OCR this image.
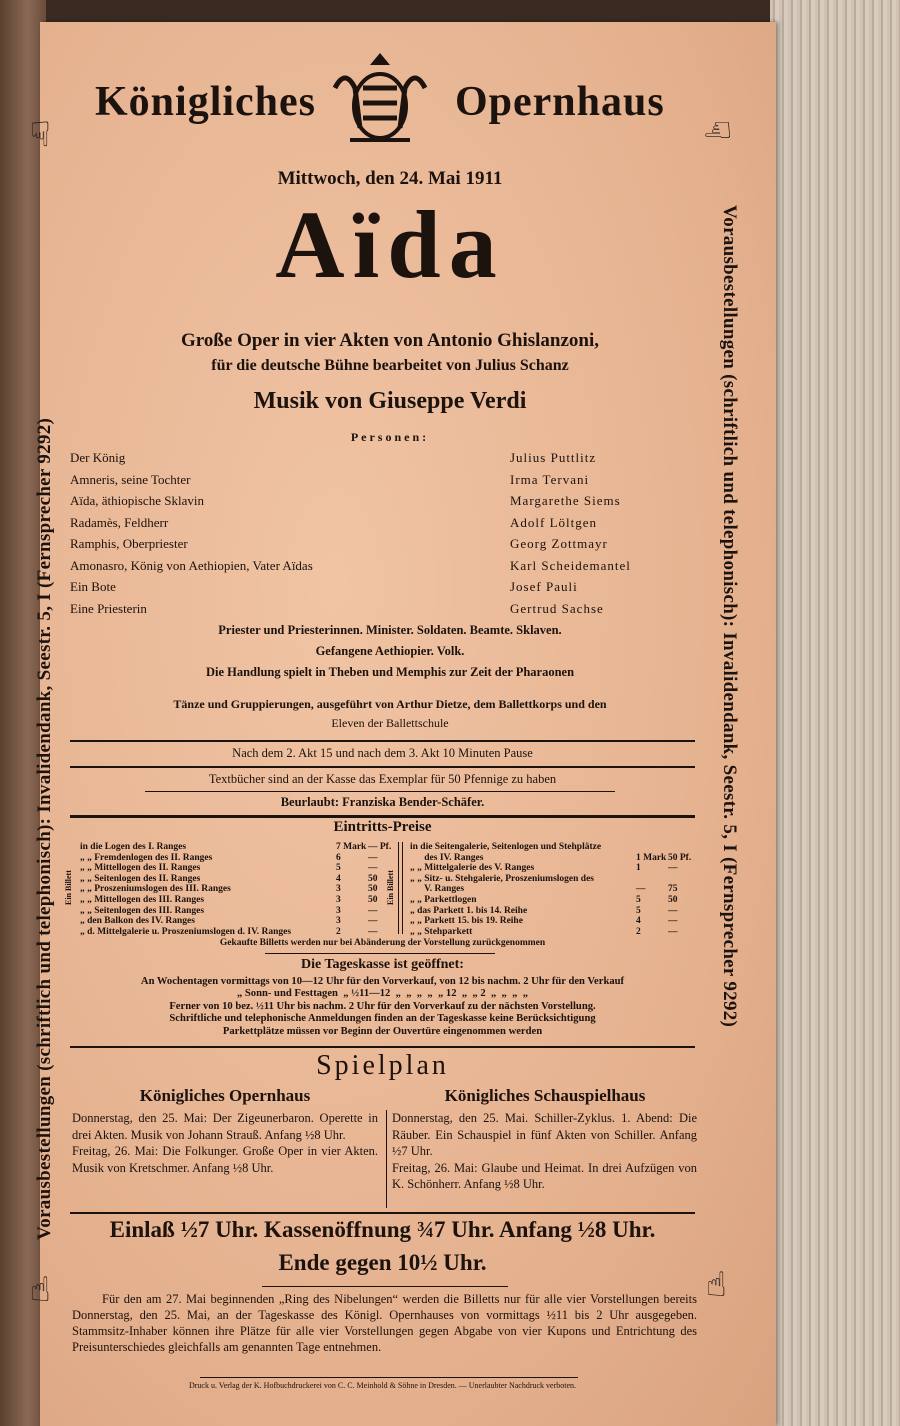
Vorausbestellungen (schriftlich und telephonisch): Invalidendank, Seestr. 5, I (Fernsprecher 9292)	Vorausbestellungen (schriftlich und telephonisch): Invalidendank, Seestr. 5, I (Fernsprecher 9292)
☟
☝
☟
☝
Königliches	Opernhaus
Mittwoch, den 24. Mai 1911
Aïda
Große Oper in vier Akten von Antonio Ghislanzoni,
für die deutsche Bühne bearbeitet von Julius Schanz
Musik von Giuseppe Verdi
Personen:
Der König	Julius Puttlitz
Amneris, seine Tochter	Irma Tervani
Aïda, äthiopische Sklavin	Margarethe Siems
Radamès, Feldherr	Adolf Löltgen
Ramphis, Oberpriester	Georg Zottmayr
Amonasro, König von Aethiopien, Vater Aïdas	Karl Scheidemantel
Ein Bote	Josef Pauli
Eine Priesterin	Gertrud Sachse
Priester und Priesterinnen. Minister. Soldaten. Beamte. Sklaven.
Gefangene Aethiopier. Volk.
Die Handlung spielt in Theben und Memphis zur Zeit der Pharaonen
Tänze und Gruppierungen, ausgeführt von Arthur Dietze, dem Ballettkorps und den
Eleven der Ballettschule
Nach dem 2. Akt 15 und nach dem 3. Akt 10 Minuten Pause
Textbücher sind an der Kasse das Exemplar für 50 Pfennige zu haben
Beurlaubt: Franziska Bender-Schäfer.
Eintritts-Preise
Ein Billett	Ein Billett
in die Logen des I. Ranges	7 Mark — Pf.
„ „ Fremdenlogen des II. Ranges	6	—
„ „ Mittellogen des II. Ranges	5	—
„ „ Seitenlogen des II. Ranges	4	50
„ „ Proszeniumslogen des III. Ranges	3	50
„ „ Mittellogen des III. Ranges	3	50
„ „ Seitenlogen des III. Ranges	3	—
„ den Balkon des IV. Ranges	3	—
„ d. Mittelgalerie u. Proszeniumslogen d. IV. Ranges	2	—
in die Seitengalerie, Seitenlogen und Stehplätze
des IV. Ranges	1 Mark 50 Pf.
„ „ Mittelgalerie des V. Ranges	1	—
„ „ Sitz- u. Stehgalerie, Proszeniumslogen des
V. Ranges	— 75
„ „ Parkettlogen	5	50
„ das Parkett 1. bis 14. Reihe	5	—
„ „ Parkett 15. bis 19. Reihe	4	—
„ „ Stehparkett	2	—
Gekaufte Billetts werden nur bei Abänderung der Vorstellung zurückgenommen
Die Tageskasse ist geöffnet:
An Wochentagen vormittags von 10—12 Uhr für den Vorverkauf, von 12 bis nachm. 2 Uhr für den Verkauf
„ Sonn- und Festtagen  „ ½11—12  „  „  „  „  „ 12  „  „ 2  „  „  „  „
Ferner von 10 bez. ½11 Uhr bis nachm. 2 Uhr für den Vorverkauf zu der nächsten Vorstellung.
Schriftliche und telephonische Anmeldungen finden an der Tageskasse keine Berücksichtigung
Parkettplätze müssen vor Beginn der Ouvertüre eingenommen werden
Spielplan
Königliches Opernhaus	Königliches Schauspielhaus
Donnerstag, den 25. Mai: Der Zigeunerbaron. Operette in drei Akten. Musik von Johann Strauß. Anfang ½8 Uhr.
Freitag, 26. Mai: Die Folkunger. Große Oper in vier Akten. Musik von Kretschmer. Anfang ½8 Uhr.
Donnerstag, den 25. Mai. Schiller-Zyklus. 1. Abend: Die Räuber. Ein Schauspiel in fünf Akten von Schiller. Anfang ½7 Uhr.
Freitag, 26. Mai: Glaube und Heimat. In drei Aufzügen von K. Schönherr. Anfang ½8 Uhr.
Einlaß ½7 Uhr. Kassenöffnung ¾7 Uhr. Anfang ½8 Uhr.
Ende gegen 10½ Uhr.
Für den am 27. Mai beginnenden „Ring des Nibelungen“ werden die Billetts nur für alle vier Vorstellungen bereits Donnerstag, den 25. Mai, an der Tageskasse des Königl. Opernhauses von vormittags ½11 bis 2 Uhr ausgegeben. Stammsitz-Inhaber können ihre Plätze für alle vier Vorstellungen gegen Abgabe von vier Kupons und Entrichtung des Preisunterschiedes gleichfalls am genannten Tage entnehmen.
Druck u. Verlag der K. Hofbuchdruckerei von C. C. Meinhold & Söhne in Dresden. — Unerlaubter Nachdruck verboten.
